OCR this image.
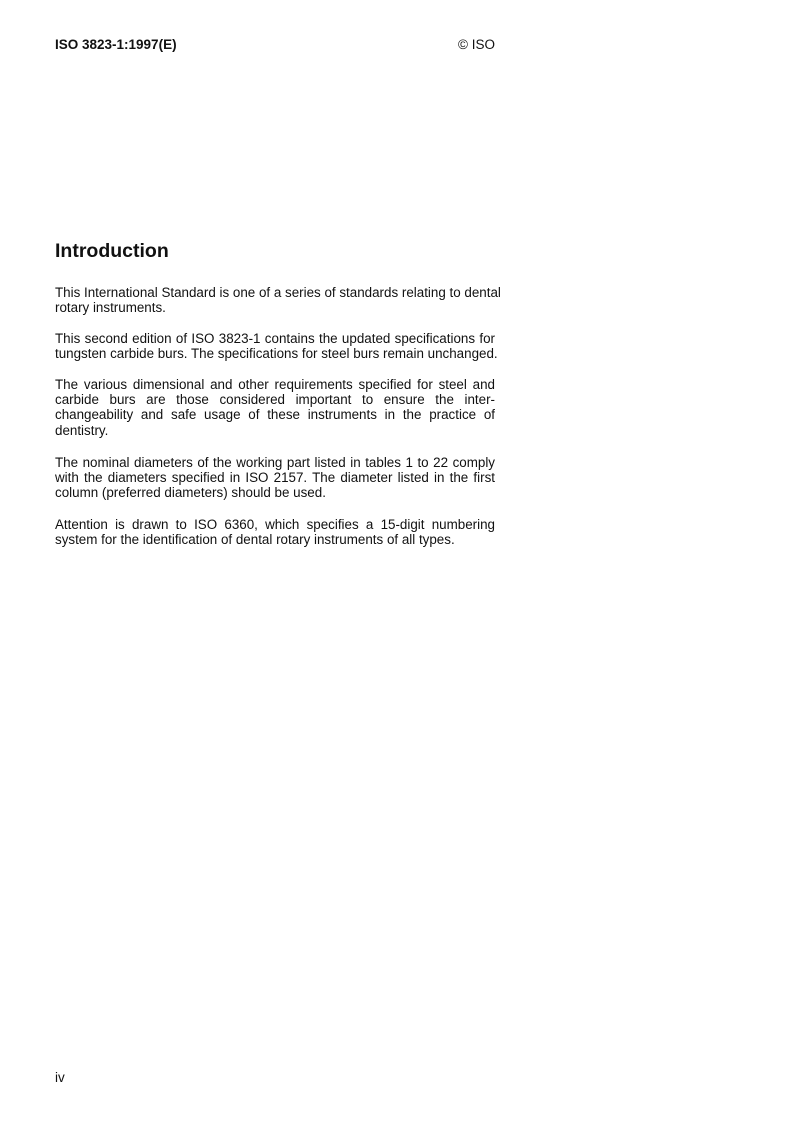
ISO 3823-1:1997(E)	© ISO
Introduction
This International Standard is one of a series of standards relating to dental
rotary instruments.
This second edition of ISO 3823-1 contains the updated specifications for
tungsten carbide burs. The specifications for steel burs remain unchanged.
The various dimensional and other requirements specified for steel and
carbide burs are those considered important to ensure the inter-
changeability and safe usage of these instruments in the practice of
dentistry.
The nominal diameters of the working part listed in tables 1 to 22 comply
with the diameters specified in ISO 2157. The diameter listed in the first
column (preferred diameters) should be used.
Attention is drawn to ISO 6360, which specifies a 15-digit numbering
system for the identification of dental rotary instruments of all types.
iv
